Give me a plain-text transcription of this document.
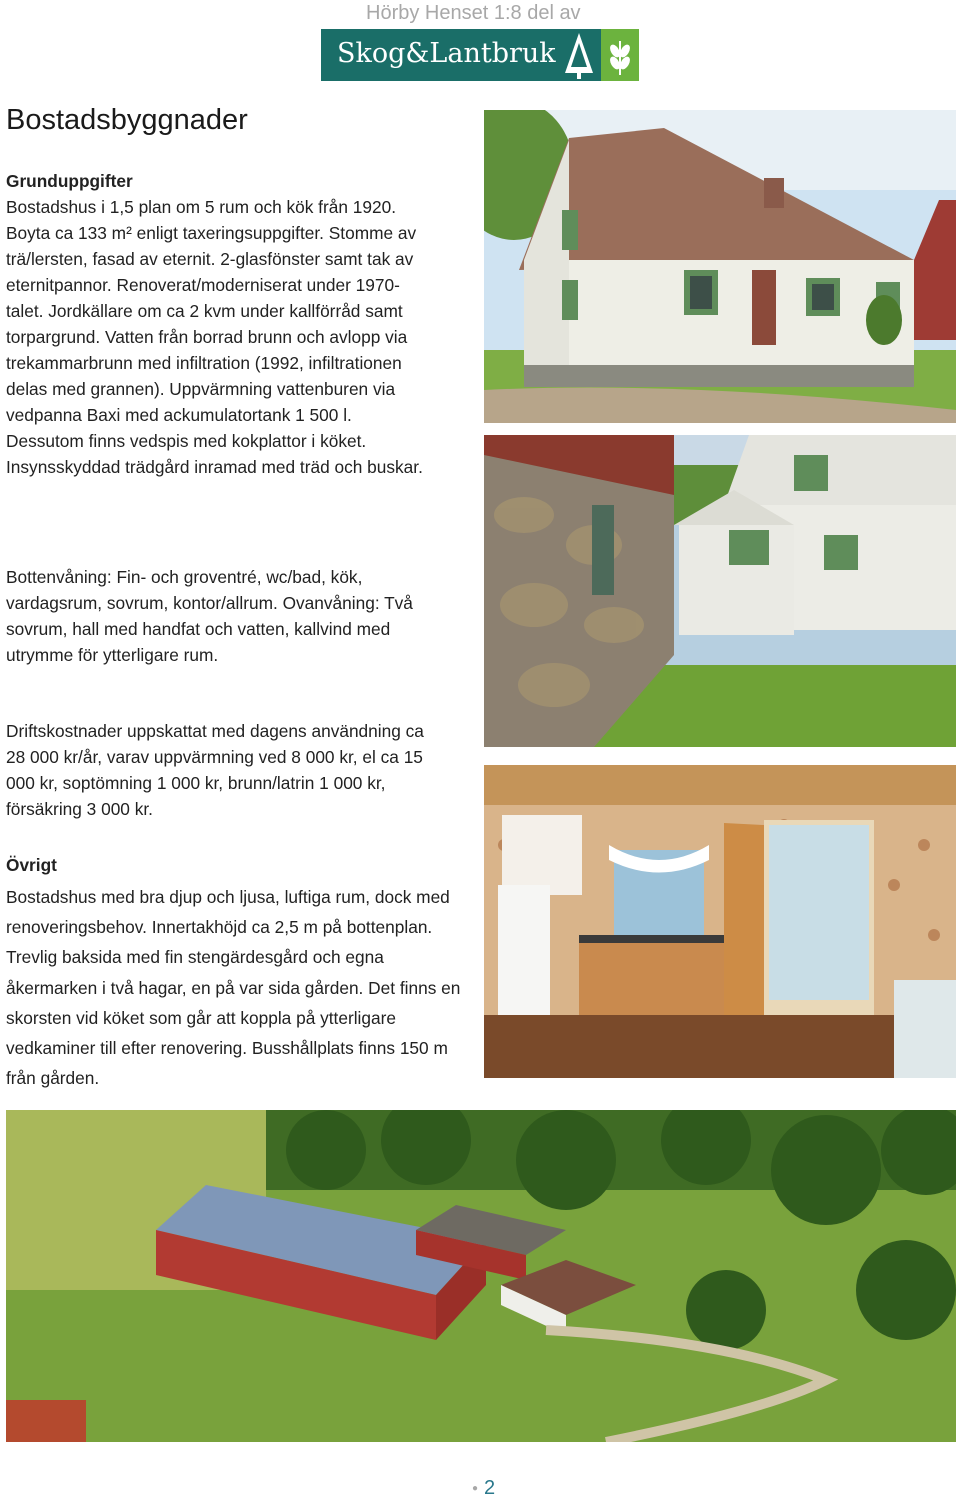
Hörby Henset 1:8 del av
Skog&Lantbruk
Bostadsbyggnader
Grunduppgifter
Bostadshus i 1,5 plan om 5 rum och kök från 1920. Boyta ca 133 m² enligt taxeringsuppgifter. Stomme av trä/lersten, fasad av eternit. 2-glasfönster samt tak av eternitpannor. Renoverat/moderniserat under 1970-talet. Jordkällare om ca 2 kvm under kallförråd samt torpargrund. Vatten från borrad brunn och avlopp via trekammarbrunn med infiltration (1992, infiltrationen delas med grannen). Uppvärmning vattenburen via vedpanna Baxi med ackumulatortank 1 500 l. Dessutom finns vedspis med kokplattor i köket. Insynsskyddad trädgård inramad med träd och buskar.
Bottenvåning: Fin- och groventré, wc/bad, kök, vardagsrum, sovrum, kontor/allrum. Ovanvåning: Två sovrum, hall med handfat och vatten, kallvind med utrymme för ytterligare rum.
Driftskostnader uppskattat med dagens användning ca 28 000 kr/år, varav uppvärmning ved 8 000 kr, el ca 15 000 kr, soptömning 1 000 kr, brunn/latrin 1 000 kr, försäkring 3 000 kr.
Övrigt
Bostadshus med bra djup och ljusa, luftiga rum, dock med renoveringsbehov. Innertakhöjd ca 2,5 m på bottenplan. Trevlig baksida med fin stengärdesgård och egna åkermarken i två hagar, en på var sida gården. Det finns en skorsten vid köket som går att koppla på ytterligare vedkaminer till efter renovering. Busshållplats finns 150 m från gården.
● 2
